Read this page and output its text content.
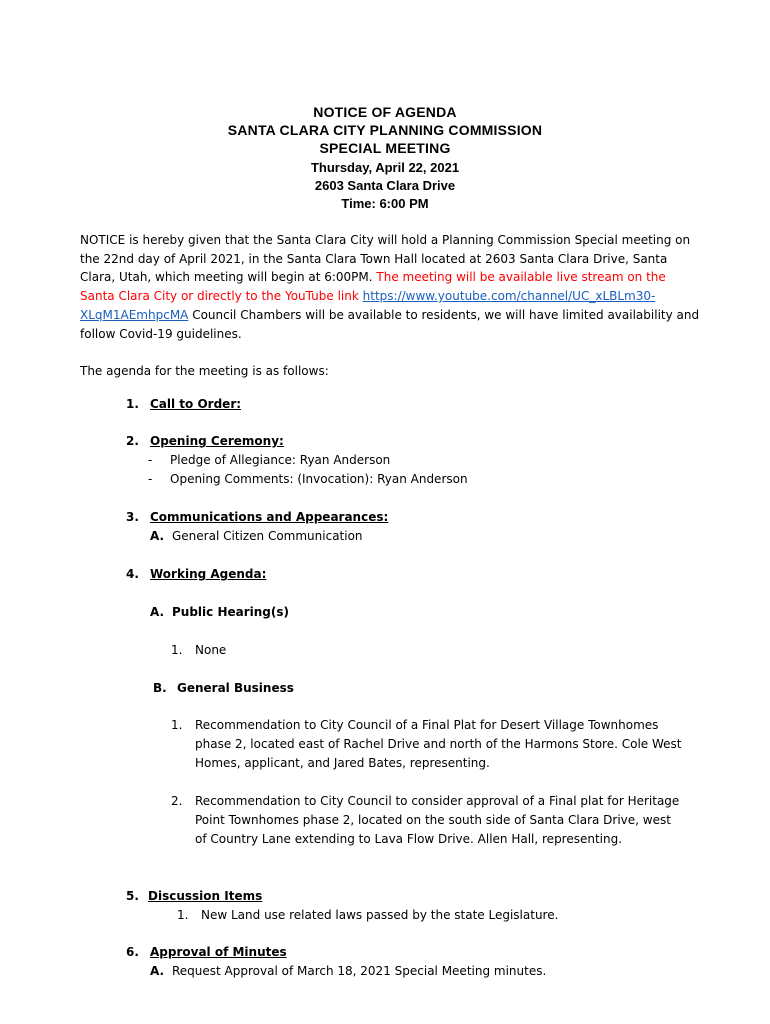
NOTICE OF AGENDA
SANTA CLARA CITY PLANNING COMMISSION
SPECIAL MEETING
Thursday, April 22, 2021
2603 Santa Clara Drive
Time: 6:00 PM
NOTICE is hereby given that the Santa Clara City will hold a Planning Commission Special meeting on the 22nd day of April 2021, in the Santa Clara Town Hall located at 2603 Santa Clara Drive, Santa Clara, Utah, which meeting will begin at 6:00PM. The meeting will be available live stream on the Santa Clara City or directly to the YouTube link https://www.youtube.com/channel/UC_xLBLm30-XLqM1AEmhpcMA Council Chambers will be available to residents, we will have limited availability and follow Covid-19 guidelines.
The agenda for the meeting is as follows:
1. Call to Order:
2. Opening Ceremony:
- Pledge of Allegiance: Ryan Anderson
- Opening Comments: (Invocation): Ryan Anderson
3. Communications and Appearances:
A. General Citizen Communication
4. Working Agenda:
A. Public Hearing(s)
1. None
B. General Business
1. Recommendation to City Council of a Final Plat for Desert Village Townhomes phase 2, located east of Rachel Drive and north of the Harmons Store. Cole West Homes, applicant, and Jared Bates, representing.
2. Recommendation to City Council to consider approval of a Final plat for Heritage Point Townhomes phase 2, located on the south side of Santa Clara Drive, west of Country Lane extending to Lava Flow Drive. Allen Hall, representing.
5. Discussion Items
1. New Land use related laws passed by the state Legislature.
6. Approval of Minutes
A. Request Approval of March 18, 2021 Special Meeting minutes.
